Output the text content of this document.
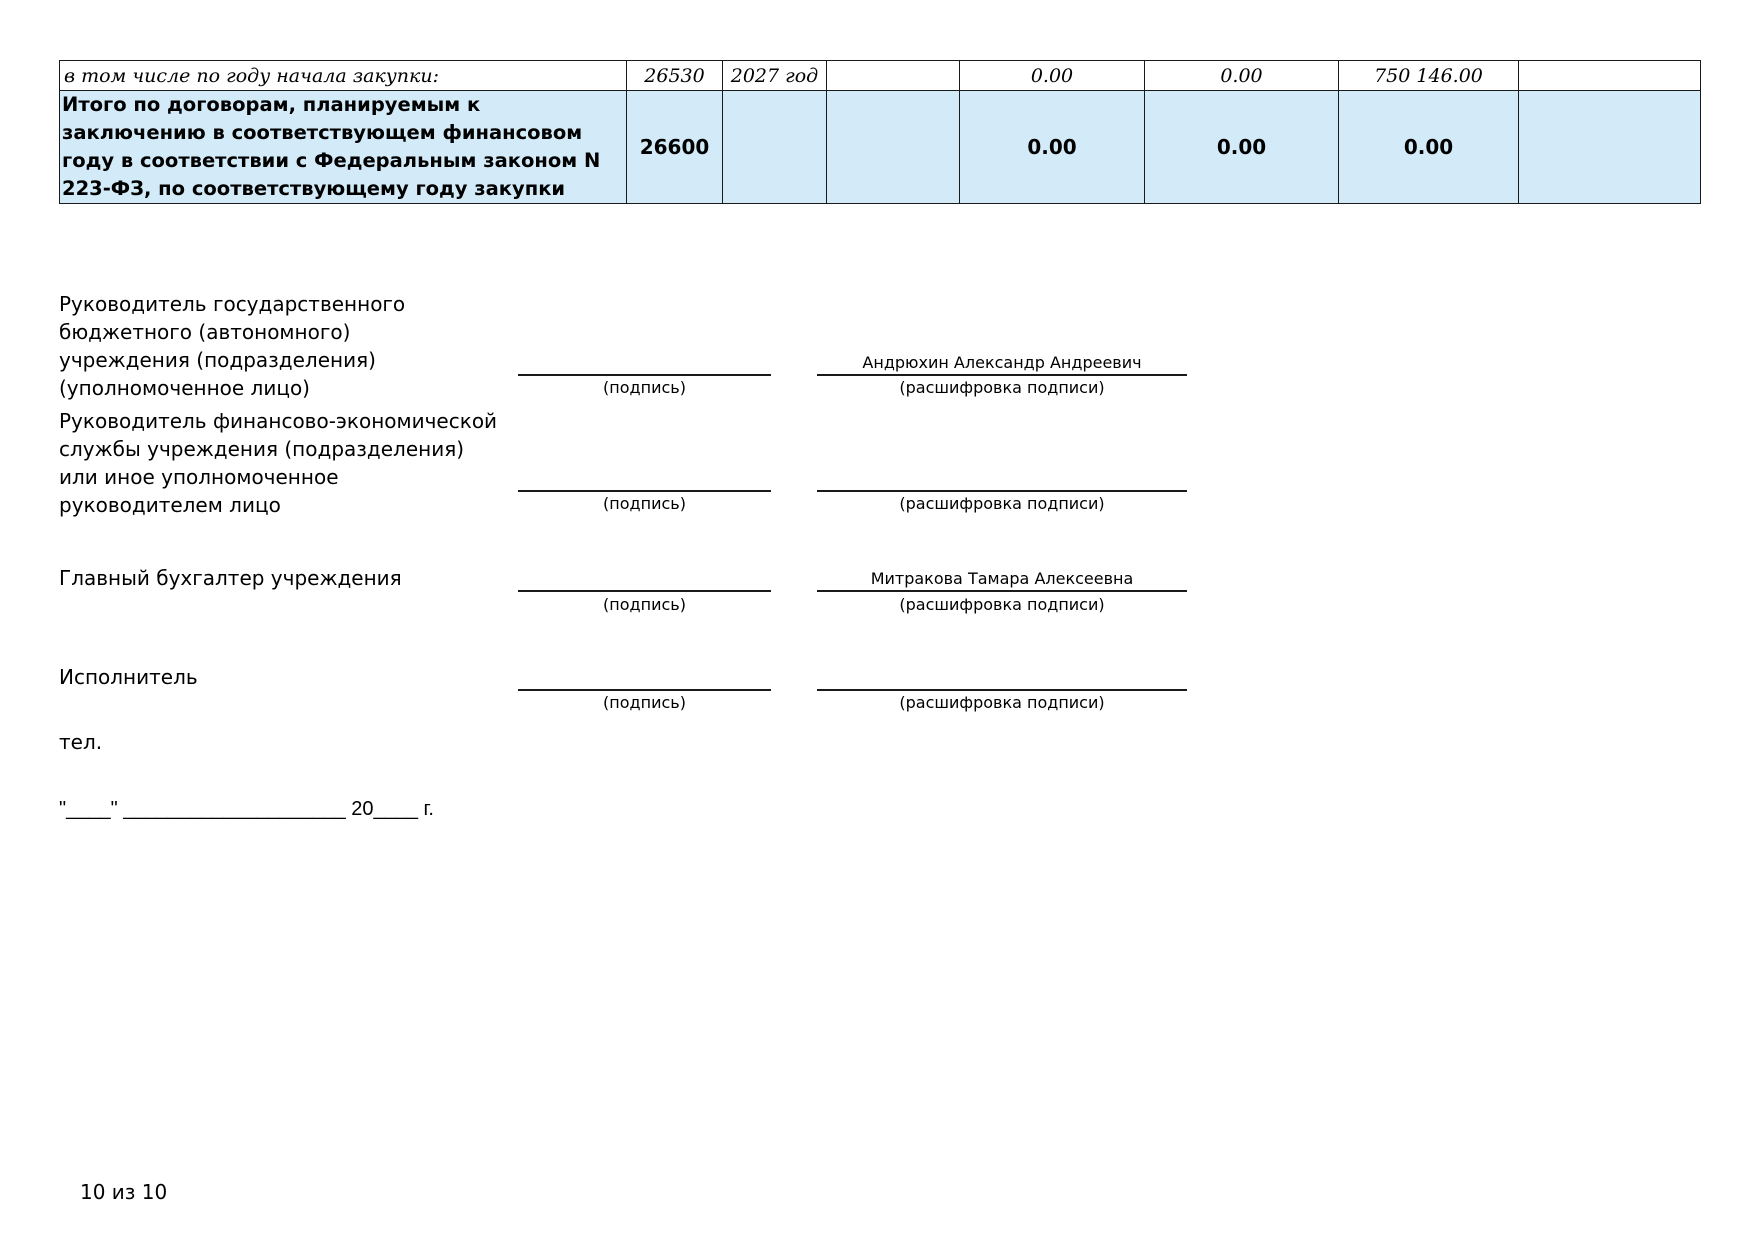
в том числе по году начала закупки:	26530	2027 год		0.00	0.00	750 146.00	
Итого по договорам, планируемым к заключению в соответствующем финансовом году в соответствии с Федеральным законом N 223-ФЗ, по соответствующему году закупки	26600			0.00	0.00	0.00	
Руководитель государственного бюджетного (автономного) учреждения (подразделения) (уполномоченное лицо)
Андрюхин Александр Андреевич
(подпись)	(расшифровка подписи)
Руководитель финансово-экономической службы учреждения (подразделения) или иное уполномоченное руководителем лицо	(подпись)	(расшифровка подписи)
Главный бухгалтер учреждения	Митракова Тамара Алексеевна
(подпись)	(расшифровка подписи)
Исполнитель
(подпись)	(расшифровка подписи)
тел.
"____" ____________________ 20____ г.
10 из 10
